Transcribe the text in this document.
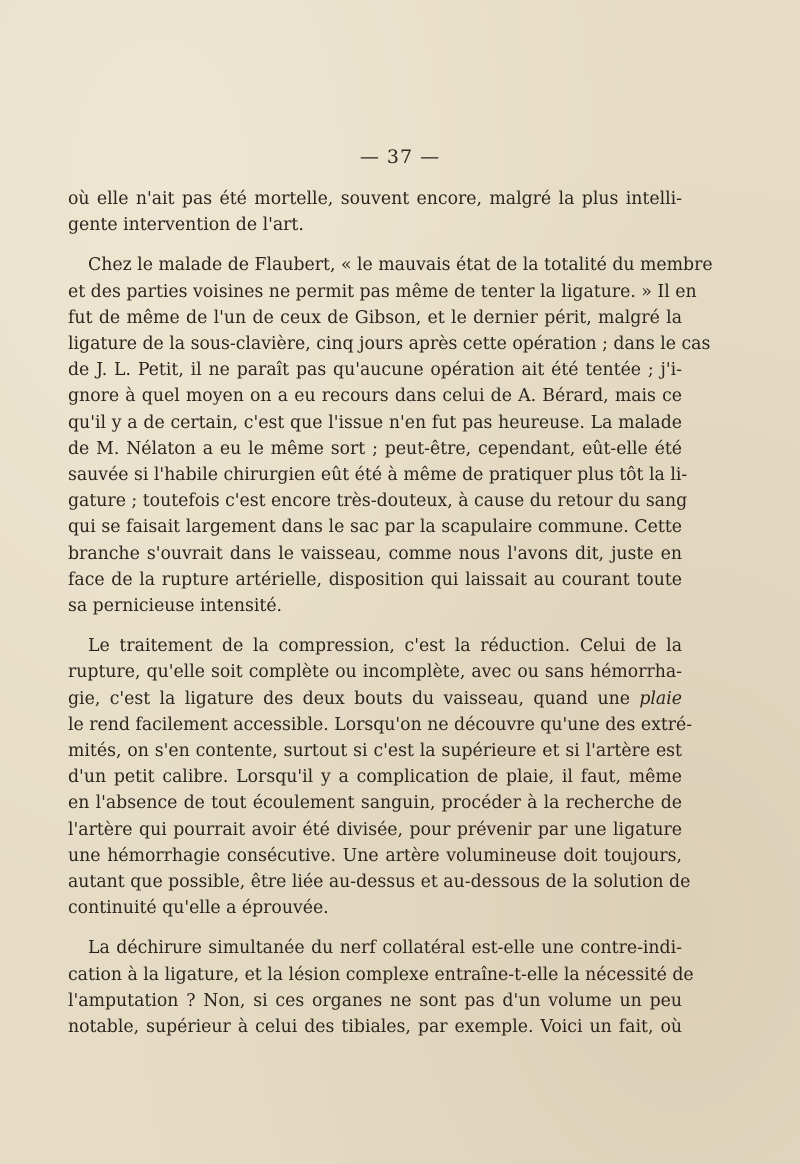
— 37 —

où elle n'ait pas été mortelle, souvent encore, malgré la plus intelli-
gente intervention de l'art.

Chez le malade de Flaubert, « le mauvais état de la totalité du membre
et des parties voisines ne permit pas même de tenter la ligature. » Il en
fut de même de l'un de ceux de Gibson, et le dernier périt, malgré la
ligature de la sous-clavière, cinq jours après cette opération ; dans le cas
de J. L. Petit, il ne paraît pas qu'aucune opération ait été tentée ; j'i-
gnore à quel moyen on a eu recours dans celui de A. Bérard, mais ce
qu'il y a de certain, c'est que l'issue n'en fut pas heureuse. La malade
de M. Nélaton a eu le même sort ; peut-être, cependant, eût-elle été
sauvée si l'habile chirurgien eût été à même de pratiquer plus tôt la li-
gature ; toutefois c'est encore très-douteux, à cause du retour du sang
qui se faisait largement dans le sac par la scapulaire commune. Cette
branche s'ouvrait dans le vaisseau, comme nous l'avons dit, juste en
face de la rupture artérielle, disposition qui laissait au courant toute
sa pernicieuse intensité.

Le traitement de la compression, c'est la réduction. Celui de la
rupture, qu'elle soit complète ou incomplète, avec ou sans hémorrha-
gie, c'est la ligature des deux bouts du vaisseau, quand une plaie
le rend facilement accessible. Lorsqu'on ne découvre qu'une des extré-
mités, on s'en contente, surtout si c'est la supérieure et si l'artère est
d'un petit calibre. Lorsqu'il y a complication de plaie, il faut, même
en l'absence de tout écoulement sanguin, procéder à la recherche de
l'artère qui pourrait avoir été divisée, pour prévenir par une ligature
une hémorrhagie consécutive. Une artère volumineuse doit toujours,
autant que possible, être liée au-dessus et au-dessous de la solution de
continuité qu'elle a éprouvée.

La déchirure simultanée du nerf collatéral est-elle une contre-indi-
cation à la ligature, et la lésion complexe entraîne-t-elle la nécessité de
l'amputation ? Non, si ces organes ne sont pas d'un volume un peu
notable, supérieur à celui des tibiales, par exemple. Voici un fait, où
